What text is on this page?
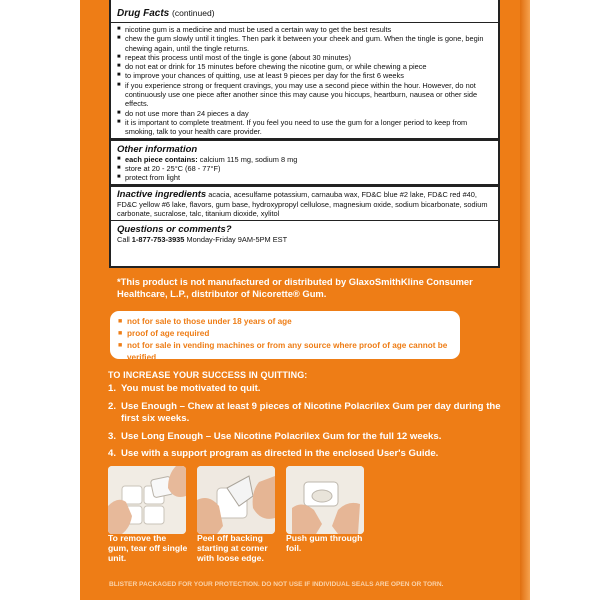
Drug Facts (continued)
■ nicotine gum is a medicine and must be used a certain way to get the best results
■ chew the gum slowly until it tingles. Then park it between your cheek and gum. When the tingle is gone, begin chewing again, until the tingle returns.
■ repeat this process until most of the tingle is gone (about 30 minutes)
■ do not eat or drink for 15 minutes before chewing the nicotine gum, or while chewing a piece
■ to improve your chances of quitting, use at least 9 pieces per day for the first 6 weeks
■ if you experience strong or frequent cravings, you may use a second piece within the hour. However, do not continuously use one piece after another since this may cause you hiccups, heartburn, nausea or other side effects.
■ do not use more than 24 pieces a day
■ it is important to complete treatment. If you feel you need to use the gum for a longer period to keep from smoking, talk to your health care provider.
Other information
■ each piece contains: calcium 115 mg, sodium 8 mg
■ store at 20 - 25°C (68 - 77°F)
■ protect from light
Inactive ingredients acacia, acesulfame potassium, carnauba wax, FD&C blue #2 lake, FD&C red #40, FD&C yellow #6 lake, flavors, gum base, hydroxypropyl cellulose, magnesium oxide, sodium bicarbonate, sodium carbonate, sucralose, talc, titanium dioxide, xylitol
Questions or comments?
Call 1-877-753-3935 Monday-Friday 9AM-5PM EST
*This product is not manufactured or distributed by GlaxoSmithKline Consumer Healthcare, L.P., distributor of Nicorette® Gum.
■ not for sale to those under 18 years of age
■ proof of age required
■ not for sale in vending machines or from any source where proof of age cannot be verified
TO INCREASE YOUR SUCCESS IN QUITTING:
1. You must be motivated to quit.
2. Use Enough – Chew at least 9 pieces of Nicotine Polacrilex Gum per day during the first six weeks.
3. Use Long Enough – Use Nicotine Polacrilex Gum for the full 12 weeks.
4. Use with a support program as directed in the enclosed User's Guide.
To remove the gum, tear off single unit.
Peel off backing starting at corner with loose edge.
Push gum through foil.
BLISTER PACKAGED FOR YOUR PROTECTION. DO NOT USE IF INDIVIDUAL SEALS ARE OPEN OR TORN.
